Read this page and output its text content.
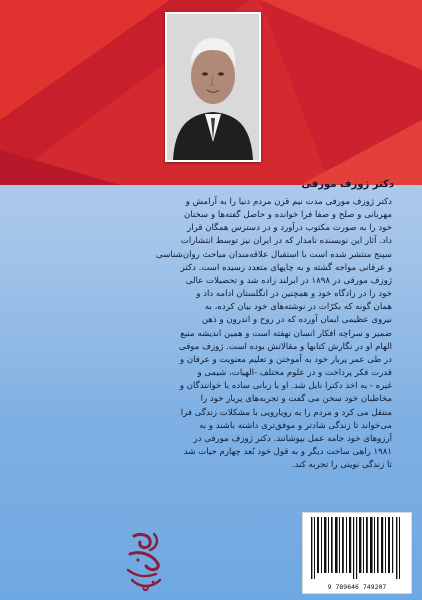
دکتر ژوزف مورفی
دکتر ژوزف مورفی مدت نیم قرن مردم دنیا را به آرامش و
مهربانی و صلح و صفا فرا خوانده و حاصل گفته‌ها و سخنان
خود را به صورت مکتوب درآورد و در دسترس همگان قرار
داد. آثار این نویسنده نامدار که در ایران نیز توسط انتشارات
سپنج منتشر شده است با استقبال علاقه‌مندان مباحث روان‌شناسی
و عرفانی مواجه گشته و به چاپهای متعدد رسیده است. دکتر
ژوزف مورفی در ۱۸۹۸ در ایرلند زاده شد و تحصیلات عالی
خود را در زادگاه خود و همچنین در انگلستان ادامه داد و
همان گونه که بکرّات در نوشته‌های خود بیان کرده، به
نیروی عظیمی ایمان آورده که در روح و اندرون و ذهن
ضمیر و سراچه افکار انسان نهفته است و همین اندیشه منبع
الهام او در نگارش کتابها و مقالاتش بوده است. ژوزف موفی
در طی عمر پربار خود به آموختن و تعلیم معنویت و عرفان و
قدرت فکر پرداخت و در علوم مختلف -الهیات، شیمی و
غیره - به اخذ دکترا نایل شد. او با زبانی ساده با خوانندگان و
مخاطبان خود سخن می گفت و تجربه‌های پربار خود را
منتقل می کرد و مردم را به رویارویی با مشکلات زندگی فرا
می‌خواند تا زندگی شادتر و موفق‌تری داشته باشند و به
آرزوهای خود جامه عمل بپوشانند. دکتر ژوزف مورفی در
۱۹۸۱ راهی ساخت دیگر و به قول خود بُعد چهارم حیات شد
تا زندگی نوینی را تجربه کند.
9 789646 749207
